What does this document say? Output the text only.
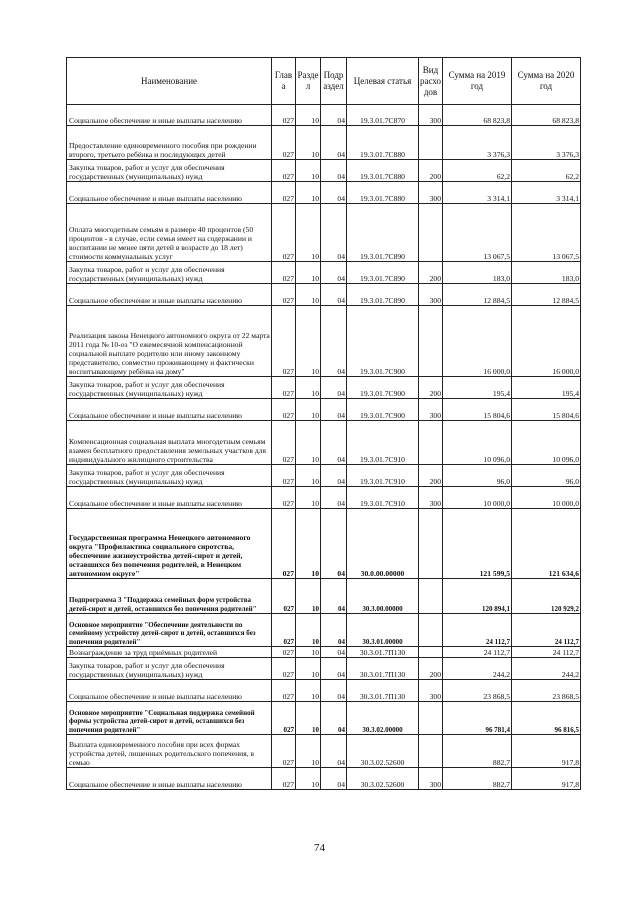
Наименование	Глав а	Разде л	Подр аздел	Целевая статья	Вид расхо дов	Сумма на 2019 год	Сумма на 2020 год
Социальное обеспечение и иные выплаты населению	027	10	04	19.3.01.7С870	300	68 823,8	68 823,8
Предоставление единовременного пособия при рождении второго, третьего ребёнка и последующих детей	027	10	04	19.3.01.7С880		3 376,3	3 376,3
Закупка товаров, работ и услуг для обеспечения государственных (муниципальных) нужд	027	10	04	19.3.01.7С880	200	62,2	62,2
Социальное обеспечение и иные выплаты населению	027	10	04	19.3.01.7С880	300	3 314,1	3 314,1
Оплата многодетным семьям в размере 40 процентов (50 процентов - в случае, если семья имеет на содержании и воспитании не менее пяти детей в возрасте до 18 лет) стоимости коммунальных услуг	027	10	04	19.3.01.7С890		13 067,5	13 067,5
Закупка товаров, работ и услуг для обеспечения государственных (муниципальных) нужд	027	10	04	19.3.01.7С890	200	183,0	183,0
Социальное обеспечение и иные выплаты населению	027	10	04	19.3.01.7С890	300	12 884,5	12 884,5
Реализация закона Ненецкого автономного округа от 22 марта 2011 года № 10-оз "О ежемесячной компенсационной социальной выплате родителю или иному законному представителю, совместно проживающему и фактически воспитывающему ребёнка на дому"	027	10	04	19.3.01.7С900		16 000,0	16 000,0
Закупка товаров, работ и услуг для обеспечения государственных (муниципальных) нужд	027	10	04	19.3.01.7С900	200	195,4	195,4
Социальное обеспечение и иные выплаты населению	027	10	04	19.3.01.7С900	300	15 804,6	15 804,6
Компенсационная социальная выплата многодетным семьям взамен бесплатного предоставления земельных участков для индивидуального жилищного строительства	027	10	04	19.3.01.7С910		10 096,0	10 096,0
Закупка товаров, работ и услуг для обеспечения государственных (муниципальных) нужд	027	10	04	19.3.01.7С910	200	96,0	96,0
Социальное обеспечение и иные выплаты населению	027	10	04	19.3.01.7С910	300	10 000,0	10 000,0
Государственная программа Ненецкого автономного округа "Профилактика социального сиротства, обеспечение жизнеустройства детей-сирот и детей, оставшихся без попечения родителей, в Ненецком автономном округе"	027	10	04	30.0.00.00000		121 599,5	121 634,6
Подпрограмма 3 "Поддержка семейных форм устройства детей-сирот и детей, оставшихся без попечения родителей"	027	10	04	30.3.00.00000		120 894,1	120 929,2
Основное мероприятие "Обеспечение деятельности по семейному устройству детей-сирот и детей, оставшихся без попечения родителей"	027	10	04	30.3.01.00000		24 112,7	24 112,7
Вознаграждение за труд приёмных родителей	027	10	04	30.3.01.7П130		24 112,7	24 112,7
Закупка товаров, работ и услуг для обеспечения государственных (муниципальных) нужд	027	10	04	30.3.01.7П130	200	244,2	244,2
Социальное обеспечение и иные выплаты населению	027	10	04	30.3.01.7П130	300	23 868,5	23 868,5
Основное мероприятие "Социальная поддержка семейной формы устройства детей-сирот и детей, оставшихся без попечения родителей"	027	10	04	30.3.02.00000		96 781,4	96 816,5
Выплата единовременного пособия при всех формах устройства детей, лишенных родительского попечения, в семью	027	10	04	30.3.02.52600		882,7	917,8
Социальное обеспечение и иные выплаты населению	027	10	04	30.3.02.52600	300	882,7	917,8
74
